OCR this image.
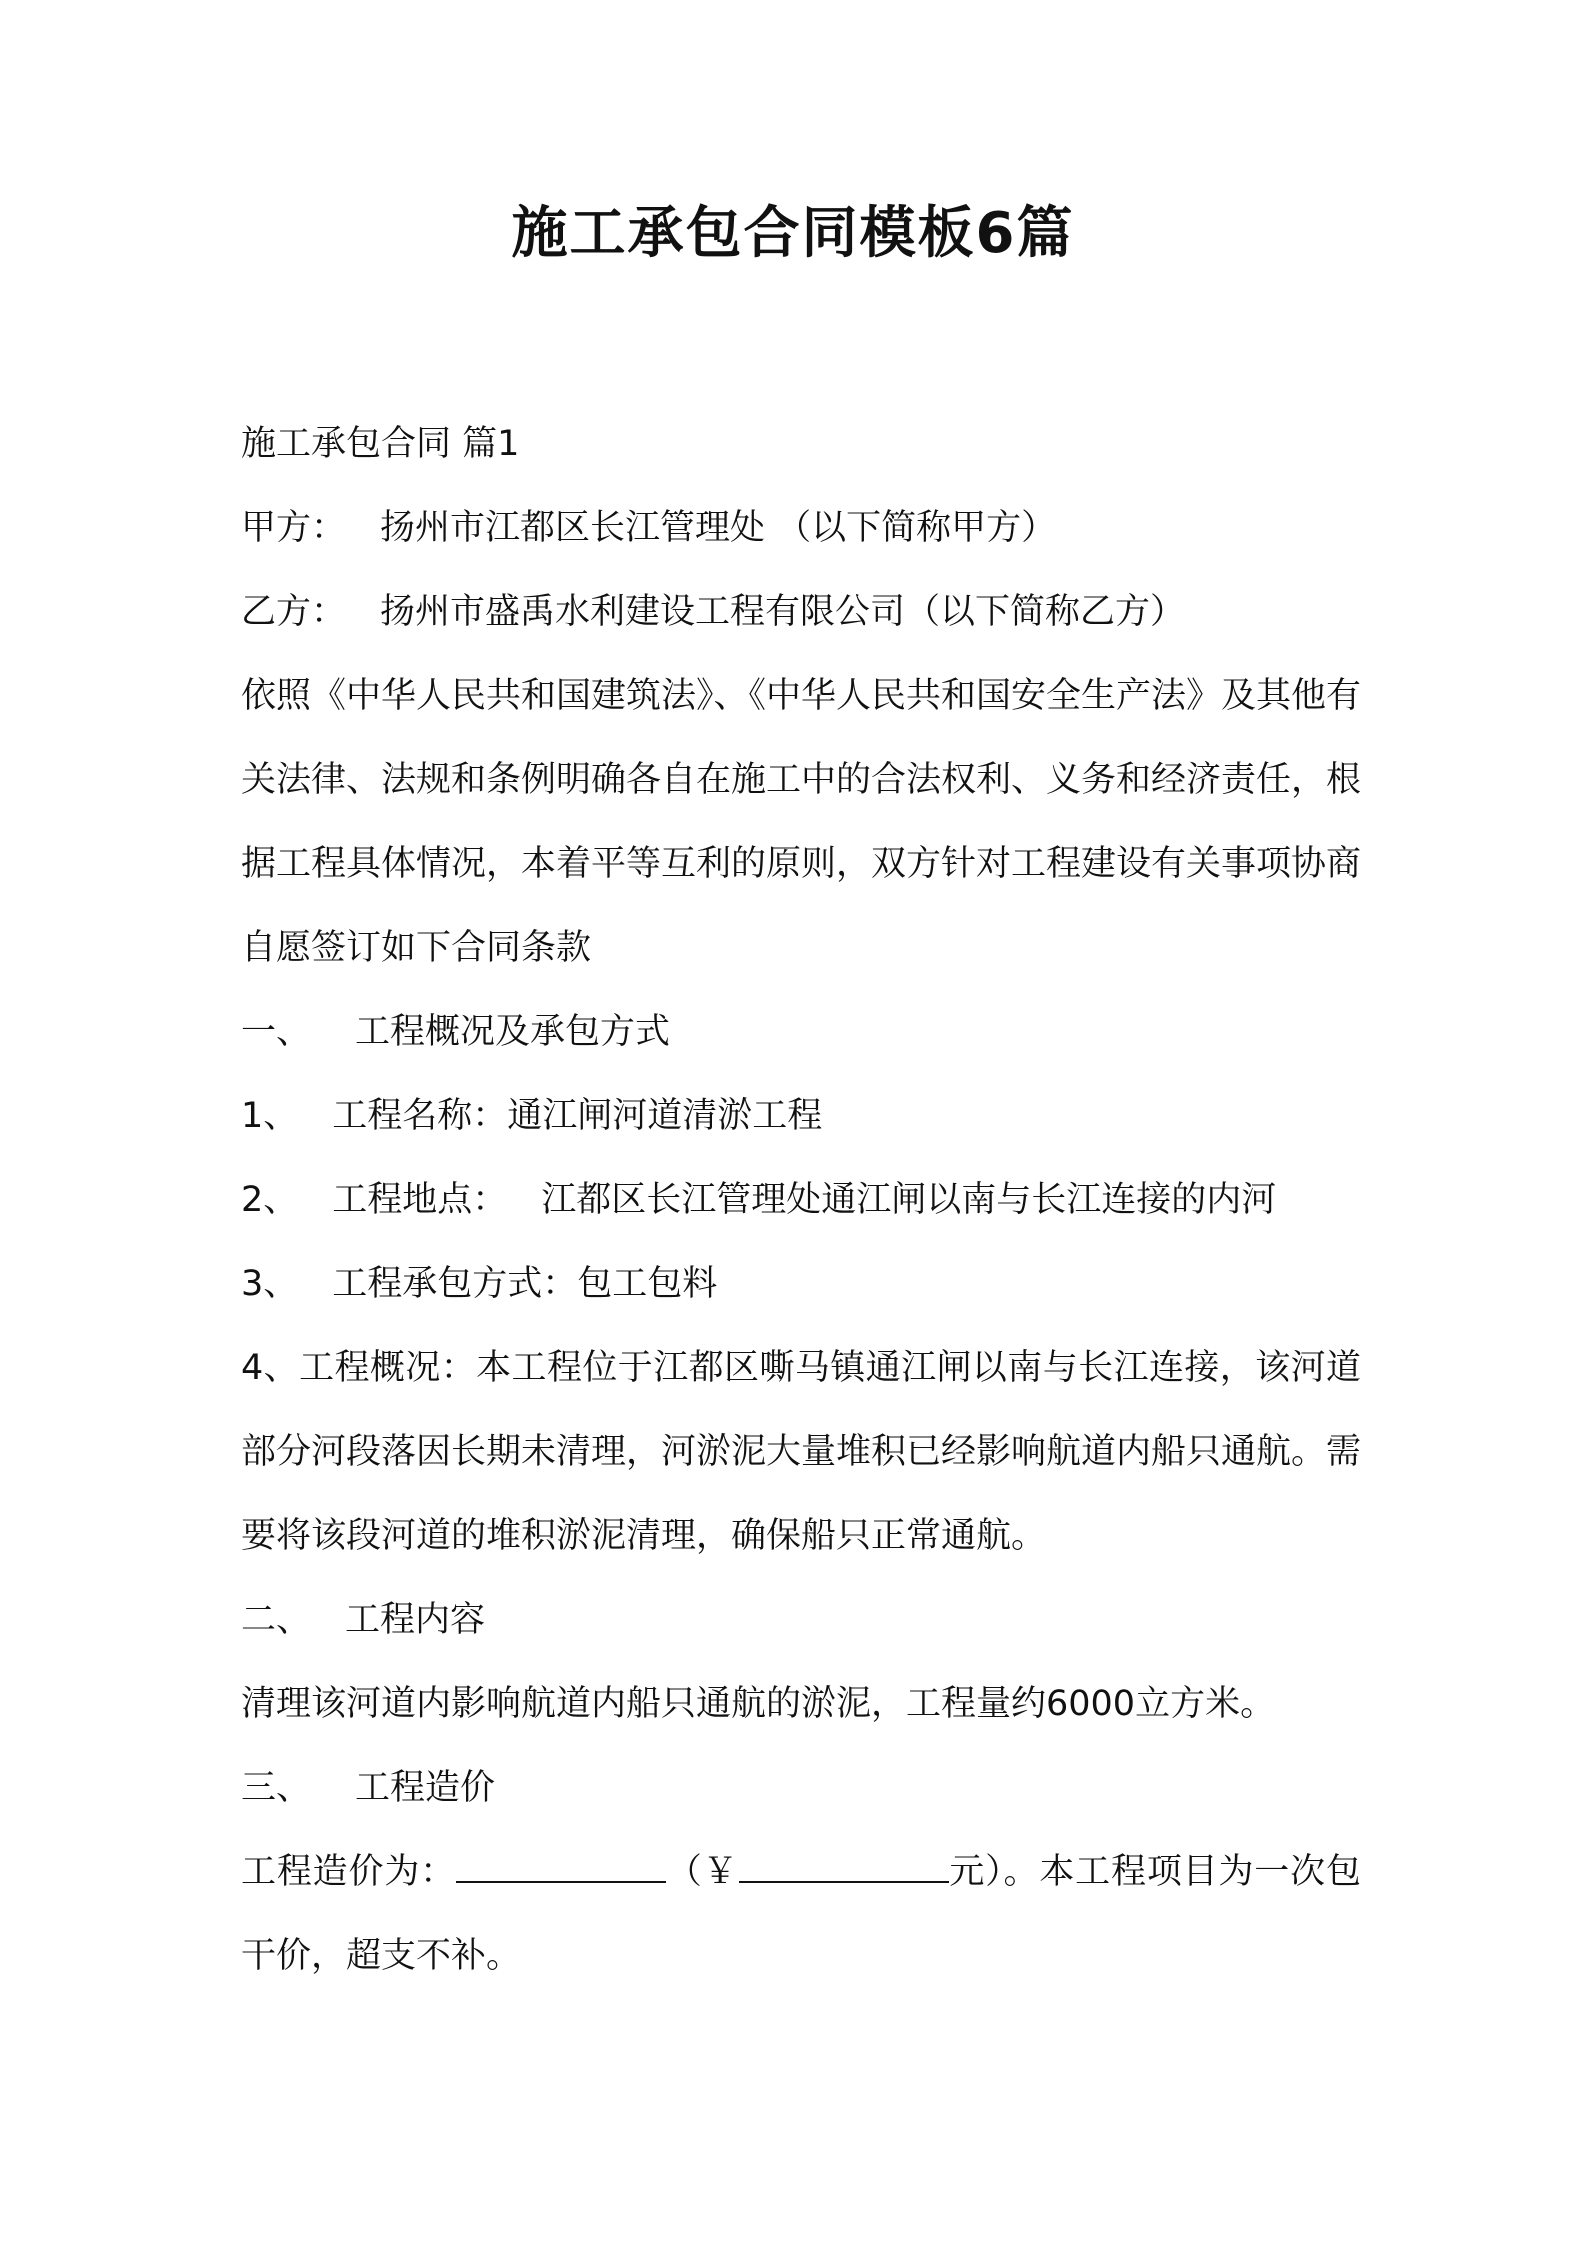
施工承包合同模板6篇

施工承包合同 篇1

甲方： 扬州市江都区长江管理处 （以下简称甲方）

乙方： 扬州市盛禹水利建设工程有限公司（以下简称乙方）

依照《中华人民共和国建筑法》、《中华人民共和国安全生产法》及其他有关法律、法规和条例明确各自在施工中的合法权利、义务和经济责任，根据工程具体情况，本着平等互利的原则，双方针对工程建设有关事项协商自愿签订如下合同条款

一、 工程概况及承包方式

1、 工程名称：通江闸河道清淤工程

2、 工程地点： 江都区长江管理处通江闸以南与长江连接的内河

3、 工程承包方式：包工包料

4、工程概况：本工程位于江都区嘶马镇通江闸以南与长江连接，该河道部分河段落因长期未清理，河淤泥大量堆积已经影响航道内船只通航。需要将该段河道的堆积淤泥清理，确保船只正常通航。

二、 工程内容

清理该河道内影响航道内船只通航的淤泥，工程量约6000立方米。

三、 工程造价

工程造价为：	（￥	元）。本工程项目为一次包干价，超支不补。
